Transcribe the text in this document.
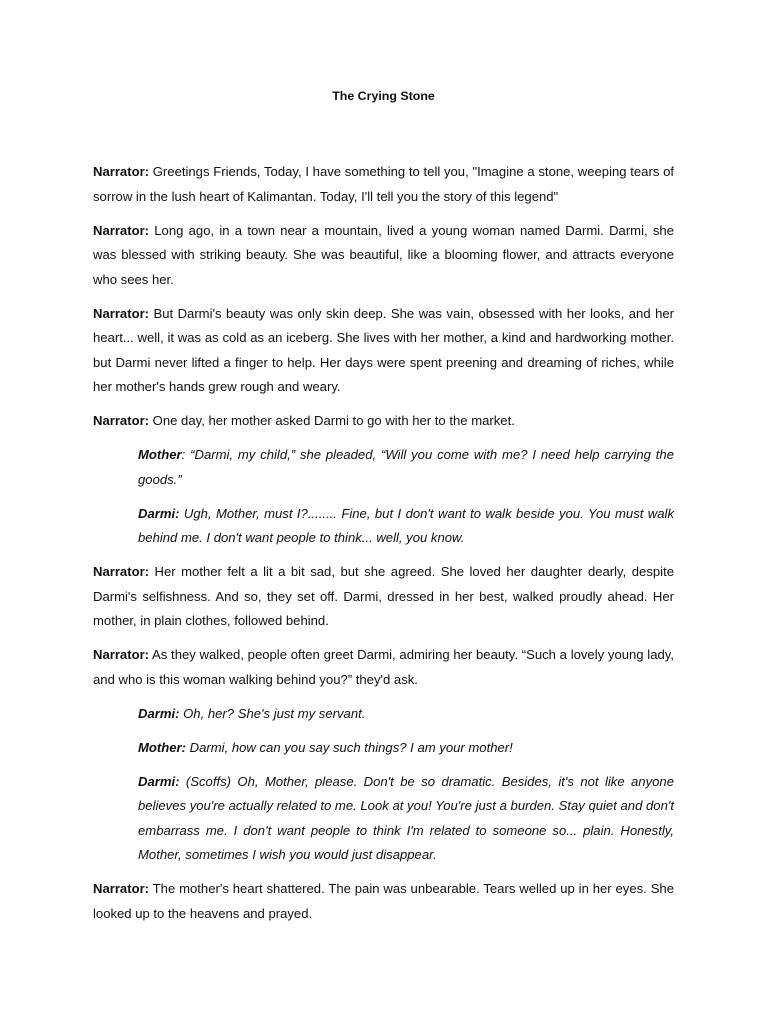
The Crying Stone

Narrator: Greetings Friends, Today, I have something to tell you, "Imagine a stone, weeping tears of sorrow in the lush heart of Kalimantan. Today, I'll tell you the story of this legend"

Narrator: Long ago, in a town near a mountain, lived a young woman named Darmi. Darmi, she was blessed with striking beauty. She was beautiful, like a blooming flower, and attracts everyone who sees her.

Narrator: But Darmi's beauty was only skin deep. She was vain, obsessed with her looks, and her heart... well, it was as cold as an iceberg. She lives with her mother, a kind and hardworking mother. but Darmi never lifted a finger to help. Her days were spent preening and dreaming of riches, while her mother's hands grew rough and weary.

Narrator: One day, her mother asked Darmi to go with her to the market.

Mother: “Darmi, my child,” she pleaded, “Will you come with me? I need help carrying the goods.”

Darmi: Ugh, Mother, must I?........ Fine, but I don't want to walk beside you. You must walk behind me. I don't want people to think... well, you know.

Narrator: Her mother felt a lit a bit sad, but she agreed. She loved her daughter dearly, despite Darmi's selfishness. And so, they set off. Darmi, dressed in her best, walked proudly ahead. Her mother, in plain clothes, followed behind.

Narrator: As they walked, people often greet Darmi, admiring her beauty. “Such a lovely young lady, and who is this woman walking behind you?” they'd ask.

Darmi: Oh, her? She's just my servant.

Mother: Darmi, how can you say such things? I am your mother!

Darmi: (Scoffs) Oh, Mother, please. Don't be so dramatic. Besides, it's not like anyone believes you're actually related to me. Look at you! You're just a burden. Stay quiet and don't embarrass me. I don't want people to think I'm related to someone so... plain. Honestly, Mother, sometimes I wish you would just disappear.

Narrator: The mother's heart shattered. The pain was unbearable. Tears welled up in her eyes. She looked up to the heavens and prayed.
